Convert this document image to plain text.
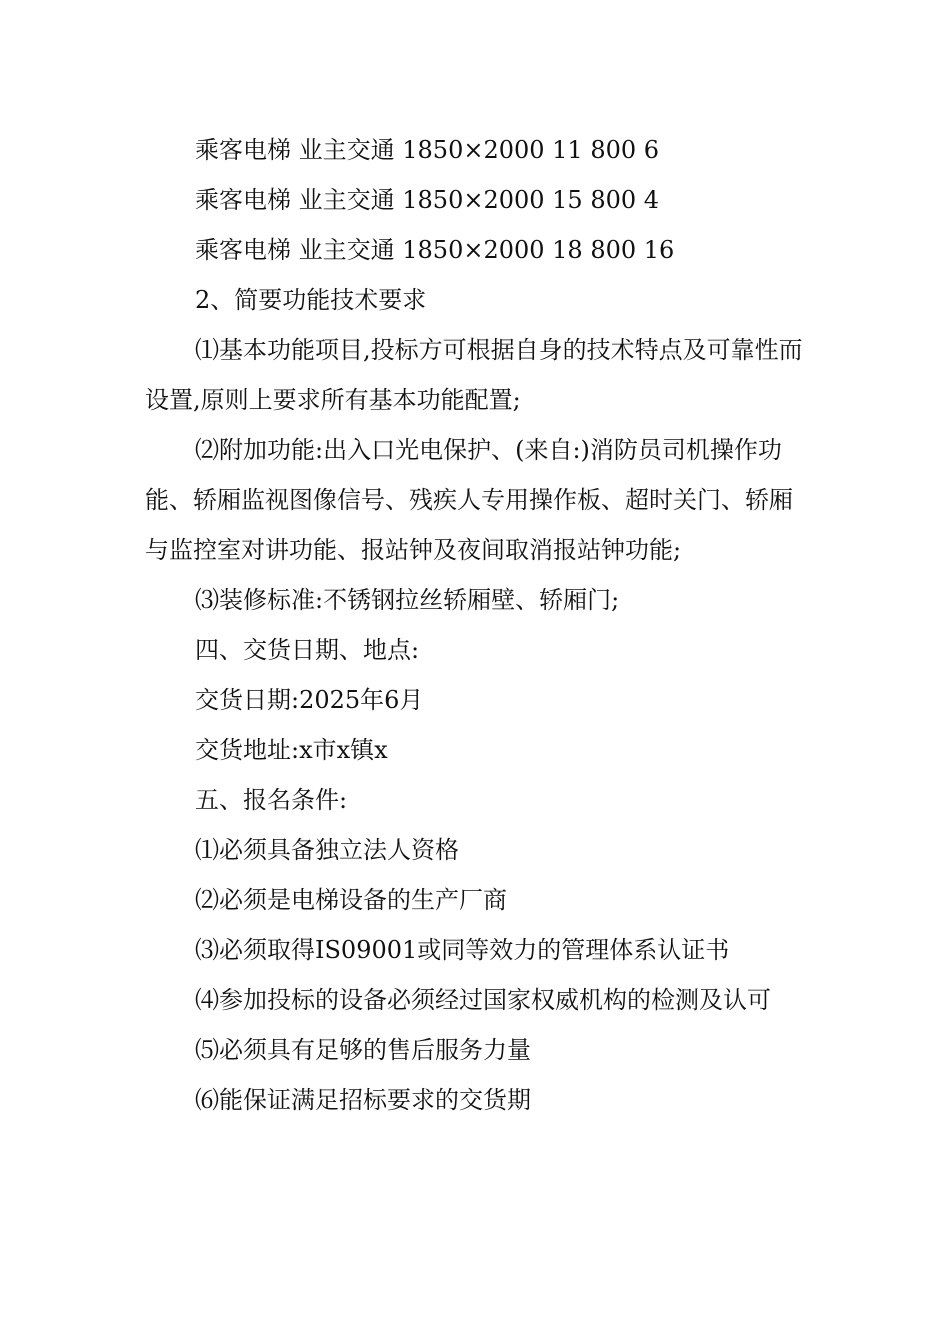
乘客电梯 业主交通 1850×2000 11 800 6

乘客电梯 业主交通 1850×2000 15 800 4

乘客电梯 业主交通 1850×2000 18 800 16

2、简要功能技术要求

⑴基本功能项目,投标方可根据自身的技术特点及可靠性而设置,原则上要求所有基本功能配置;

⑵附加功能:出入口光电保护、(来自:)消防员司机操作功能、轿厢监视图像信号、残疾人专用操作板、超时关门、轿厢与监控室对讲功能、报站钟及夜间取消报站钟功能;

⑶装修标准:不锈钢拉丝轿厢壁、轿厢门;

四、交货日期、地点:

交货日期:2025年6月

交货地址:x市x镇x

五、报名条件:

⑴必须具备独立法人资格

⑵必须是电梯设备的生产厂商

⑶必须取得IS09001或同等效力的管理体系认证书

⑷参加投标的设备必须经过国家权威机构的检测及认可

⑸必须具有足够的售后服务力量

⑹能保证满足招标要求的交货期
